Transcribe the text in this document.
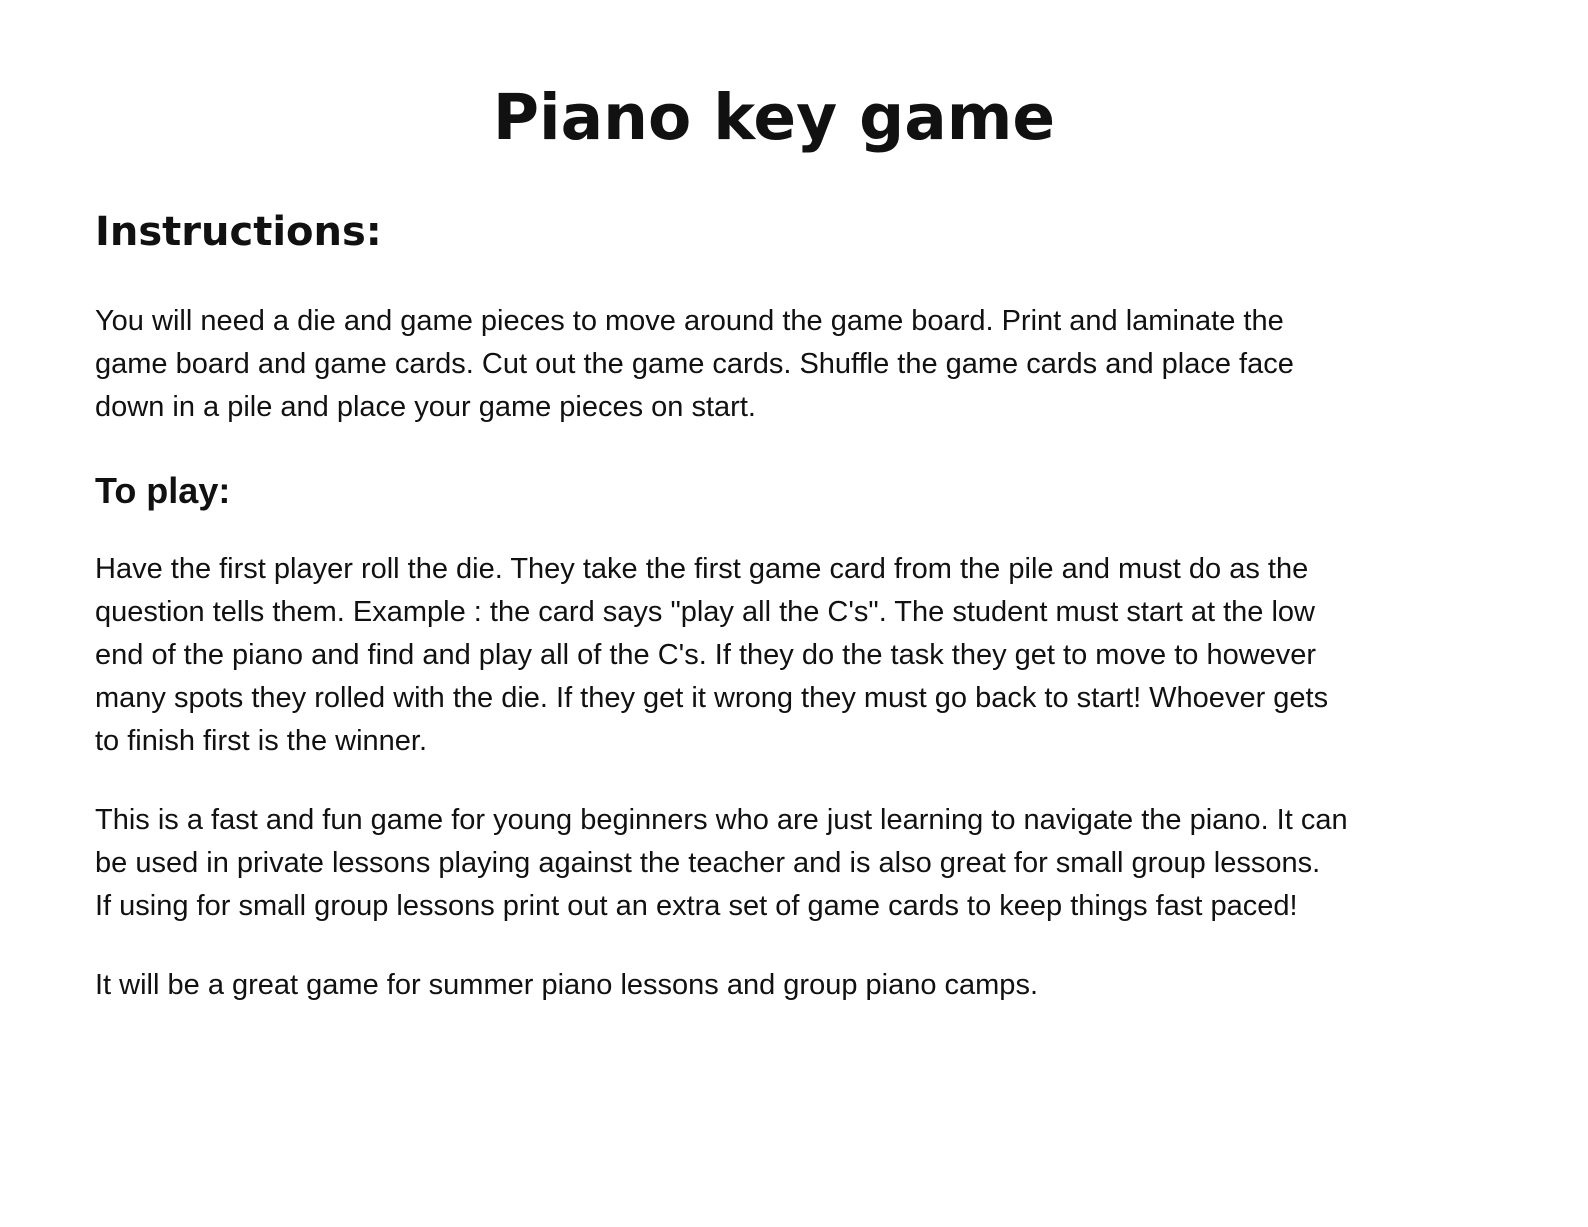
Piano key game
Instructions:

You will need a die and game pieces to move around the game board. Print and laminate the
game board and game cards. Cut out the game cards. Shuffle the game cards and place face
down in a pile and place your game pieces on start.

To play:

Have the first player roll the die. They take the first game card from the pile and must do as the
question tells them. Example : the card says "play all the C's". The student must start at the low
end of the piano and find and play all of the C's. If they do the task they get to move to however
many spots they rolled with the die. If they get it wrong they must go back to start! Whoever gets
to finish first is the winner.

This is a fast and fun game for young beginners who are just learning to navigate the piano. It can
be used in private lessons playing against the teacher and is also great for small group lessons.
If using for small group lessons print out an extra set of game cards to keep things fast paced!

It will be a great game for summer piano lessons and group piano camps.
